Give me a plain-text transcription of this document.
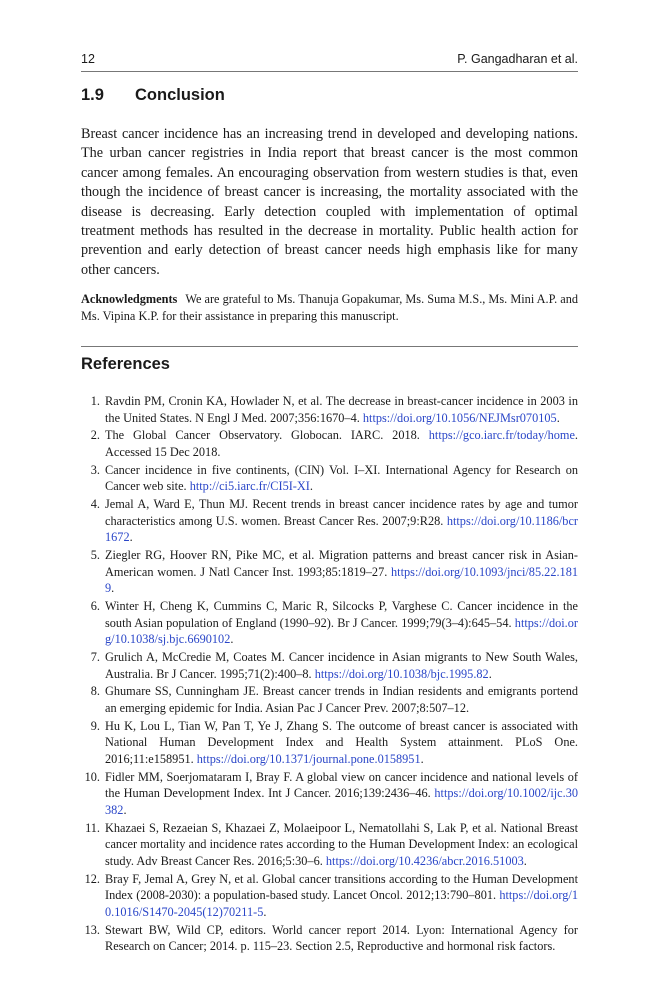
12	P. Gangadharan et al.
1.9 Conclusion

Breast cancer incidence has an increasing trend in developed and developing nations. The urban cancer registries in India report that breast cancer is the most common cancer among females. An encouraging observation from western studies is that, even though the incidence of breast cancer is increasing, the mortality associated with the disease is decreasing. Early detection coupled with implementation of optimal treatment methods has resulted in the decrease in mortality. Public health action for prevention and early detection of breast cancer needs high emphasis like for many other cancers.

Acknowledgments We are grateful to Ms. Thanuja Gopakumar, Ms. Suma M.S., Ms. Mini A.P. and Ms. Vipina K.P. for their assistance in preparing this manuscript.

References
1. Ravdin PM, Cronin KA, Howlader N, et al. The decrease in breast-cancer incidence in 2003 in the United States. N Engl J Med. 2007;356:1670–4. https://doi.org/10.1056/NEJMsr070105.
2. The Global Cancer Observatory. Globocan. IARC. 2018. https://gco.iarc.fr/today/home. Accessed 15 Dec 2018.
3. Cancer incidence in five continents, (CIN) Vol. I–XI. International Agency for Research on Cancer web site. http://ci5.iarc.fr/CI5I-XI.
4. Jemal A, Ward E, Thun MJ. Recent trends in breast cancer incidence rates by age and tumor characteristics among U.S. women. Breast Cancer Res. 2007;9:R28. https://doi.org/10.1186/bcr1672.
5. Ziegler RG, Hoover RN, Pike MC, et al. Migration patterns and breast cancer risk in Asian-American women. J Natl Cancer Inst. 1993;85:1819–27. https://doi.org/10.1093/jnci/85.22.1819.
6. Winter H, Cheng K, Cummins C, Maric R, Silcocks P, Varghese C. Cancer incidence in the south Asian population of England (1990–92). Br J Cancer. 1999;79(3–4):645–54. https://doi.org/10.1038/sj.bjc.6690102.
7. Grulich A, McCredie M, Coates M. Cancer incidence in Asian migrants to New South Wales, Australia. Br J Cancer. 1995;71(2):400–8. https://doi.org/10.1038/bjc.1995.82.
8. Ghumare SS, Cunningham JE. Breast cancer trends in Indian residents and emigrants portend an emerging epidemic for India. Asian Pac J Cancer Prev. 2007;8:507–12.
9. Hu K, Lou L, Tian W, Pan T, Ye J, Zhang S. The outcome of breast cancer is associated with National Human Development Index and Health System attainment. PLoS One. 2016;11:e158951. https://doi.org/10.1371/journal.pone.0158951.
10. Fidler MM, Soerjomataram I, Bray F. A global view on cancer incidence and national levels of the Human Development Index. Int J Cancer. 2016;139:2436–46. https://doi.org/10.1002/ijc.30382.
11. Khazaei S, Rezaeian S, Khazaei Z, Molaeipoor L, Nematollahi S, Lak P, et al. National Breast cancer mortality and incidence rates according to the Human Development Index: an ecological study. Adv Breast Cancer Res. 2016;5:30–6. https://doi.org/10.4236/abcr.2016.51003.
12. Bray F, Jemal A, Grey N, et al. Global cancer transitions according to the Human Development Index (2008-2030): a population-based study. Lancet Oncol. 2012;13:790–801. https://doi.org/10.1016/S1470-2045(12)70211-5.
13. Stewart BW, Wild CP, editors. World cancer report 2014. Lyon: International Agency for Research on Cancer; 2014. p. 115–23. Section 2.5, Reproductive and hormonal risk factors.
